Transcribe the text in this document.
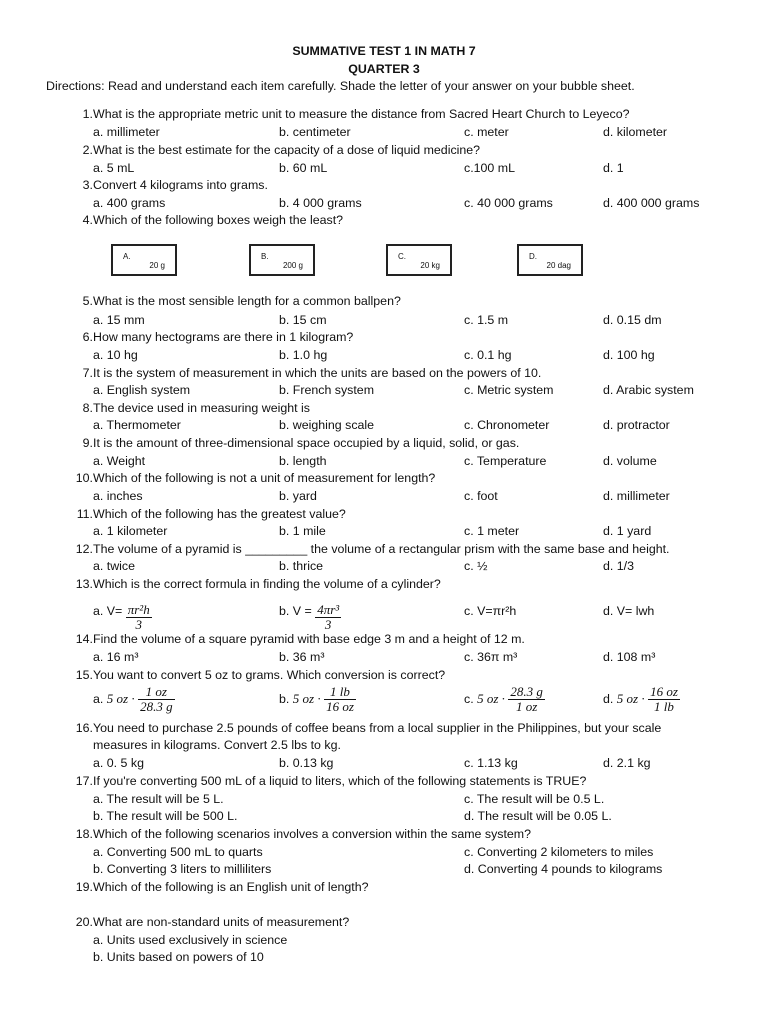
SUMMATIVE TEST 1 IN MATH 7
QUARTER 3
Directions: Read and understand each item carefully. Shade the letter of your answer on your bubble sheet.
1. What is the appropriate metric unit to measure the distance from Sacred Heart Church to Leyeco?
a. millimeter	b. centimeter	c. meter	d. kilometer
2. What is the best estimate for the capacity of a dose of liquid medicine?
a. 5 mL	b. 60 mL	c.100 mL	d. 1
3. Convert 4 kilograms into grams.
a. 400 grams	b. 4 000 grams	c. 40 000 grams	d. 400 000 grams
4. Which of the following boxes weigh the least?
5. What is the most sensible length for a common ballpen?
a. 15 mm	b. 15 cm	c. 1.5 m	d. 0.15 dm
6. How many hectograms are there in 1 kilogram?
a. 10 hg	b. 1.0 hg	c. 0.1 hg	d. 100 hg
7. It is the system of measurement in which the units are based on the powers of 10.
a. English system	b. French system	c. Metric system	d. Arabic system
8. The device used in measuring weight is
a. Thermometer	b. weighing scale	c. Chronometer	d. protractor
9. It is the amount of three-dimensional space occupied by a liquid, solid, or gas.
a. Weight	b. length	c. Temperature	d. volume
10. Which of the following is not a unit of measurement for length?
a. inches	b. yard	c. foot	d. millimeter
11. Which of the following has the greatest value?
a. 1 kilometer	b. 1 mile	c. 1 meter	d. 1 yard
12. The volume of a pyramid is _________ the volume of a rectangular prism with the same base and height.
a. twice	b. thrice	c. ½	d. 1/3
13. Which is the correct formula in finding the volume of a cylinder?
14. Find the volume of a square pyramid with base edge 3 m and a height of 12 m.
15. You want to convert 5 oz to grams. Which conversion is correct?
16. You need to purchase 2.5 pounds of coffee beans from a local supplier in the Philippines, but your scale
measures in kilograms. Convert 2.5 lbs to kg.
a. 0. 5 kg	b. 0.13 kg	c. 1.13 kg	d. 2.1 kg
17. If you're converting 500 mL of a liquid to liters, which of the following statements is TRUE?
a. The result will be 5 L.	c. The result will be 0.5 L.
b. The result will be 500 L.	d. The result will be 0.05 L.
18. Which of the following scenarios involves a conversion within the same system?
a. Converting 500 mL to quarts	c. Converting 2 kilometers to miles
b. Converting 3 liters to milliliters	d. Converting 4 pounds to kilograms
19. Which of the following is an English unit of length?
20. What are non-standard units of measurement?
a. Units used exclusively in science
b. Units based on powers of 10
A.
20 g
B.
200 g
C.
20 kg
D.
20 dag
a. $V= \frac{\text{πr²h}}{3}$	b. $V = \frac{\text{4πr³}}{3}$	c. V=πr²h	d. V= lwh
a. 16 m³	b. 36 m³	c. 36π m³	d. 108 m³
a. 5 oz · $\frac{1 oz}{28.3 g}$	b. 5 oz · $\frac{1 lb}{16 oz}$	c. 5 oz · $\frac{28.3 g}{1 oz}$	d. 5 oz · $\frac{16 oz}{1 lb}$
